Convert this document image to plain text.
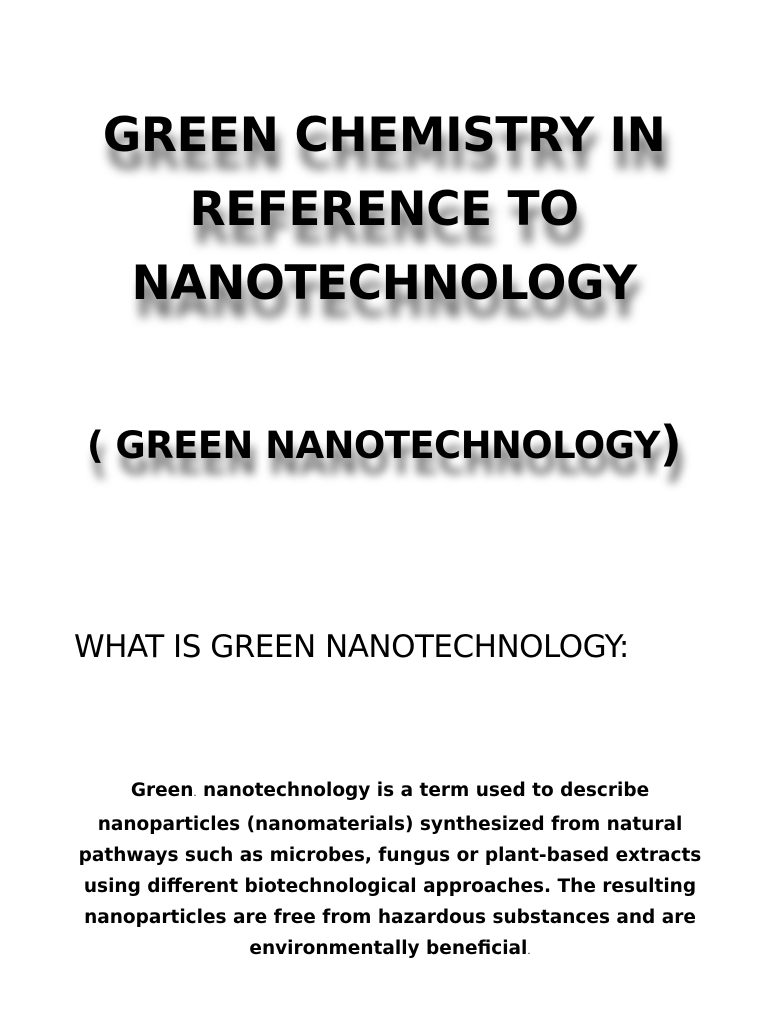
GREEN CHEMISTRY IN
REFERENCE TO
NANOTECHNOLOGY
( GREEN NANOTECHNOLOGY)
WHAT IS GREEN NANOTECHNOLOGY:
Green. nanotechnology is a term used to describe
nanoparticles (nanomaterials) synthesized from natural
pathways such as microbes, fungus or plant-based extracts
using different biotechnological approaches. The resulting
nanoparticles are free from hazardous substances and are
environmentally beneficial.
